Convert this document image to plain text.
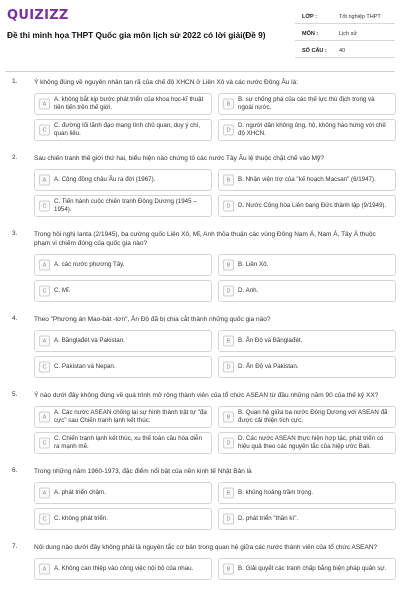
QUIZIZZ
Đề thi minh họa THPT Quốc gia môn lịch sử 2022 có lời giải(Đề 9)
LỚP :	Tốt nghiệp THPT
MÔN :	Lịch sử
SỐ CÂU :	40
1.	Ý không đúng về nguyên nhân tan rã của chế độ XHCN ở Liên Xô và các nước Đông Âu là:
A
A. không bắt kịp bước phát triển của khoa học-kĩ thuật tiên tiến trên thế giới.	B
B. sự chống phá của các thế lực thù địch trong và ngoài nước.
C
C. đường lối lãnh đạo mang tính chủ quan, duy ý chí, quan liêu.	D
D. người dân không ủng, hộ, không hào hứng với chế độ XHCN.
2.	Sau chiến tranh thế giới thứ hai, biểu hiện nào chứng tỏ các nước Tây Âu lệ thuộc chặt chẽ vào Mỹ?
A	A. Cộng đồng châu Âu ra đời (1967).	B	B. Nhận viện trợ của "kế hoạch Macsan" (6/1947).
C
C. Tiến hành cuộc chiến tranh Đông Dương (1945 – 1954).	D	D. Nước Cộng hòa Liên bang Đức thành lập (9/1949).
3.	Trong hội nghị Ianta (2/1945), ba cường quốc Liên Xô, Mĩ, Anh thỏa thuận các vùng Đông Nam Á, Nam Á, Tây Á thuộc phạm vi chiếm đóng của quốc gia nào?
A	A. các nước phương Tây.	B	B. Liên Xô.
C	C. Mĩ.	D	D. Anh.
4.	Theo "Phương án Mao-bát -tơn", Ấn Độ đã bị chia cắt thành những quốc gia nào?
A	A. Bănglađét và Pakistan.	B	B. Ấn Độ và Bănglađét.
C	C. Pakistan và Nepan.	D	D. Ấn Độ và Pakistan.
5.	Ý nào dưới đây không đúng về quá trình mở rộng thành viên của tổ chức ASEAN từ đầu những năm 90 của thế kỷ XX?
A
A. Các nước ASEAN chống lại sự hình thành trật tự "đa cực" sau Chiến tranh lạnh kết thúc.	B
B. Quan hệ giữa ba nước Đông Dương với ASEAN đã được cải thiện tích cực.
C
C. Chiến tranh lạnh kết thúc, xu thế toàn cầu hóa diễn ra mạnh mẽ.	D
D. Các nước ASEAN thực hiện hợp tác, phát triển có hiệu quả theo các nguyên tắc của hiệp ước Bali.
6.	Trong những năm 1960-1973, đặc điểm nổi bật của nền kinh tế Nhật Bản là
A	A. phát triển chậm.	B	B. khủng hoảng trầm trọng.
C	C. không phát triển.	D	D. phát triển "thần kì".
7.	Nội dung nào dưới đây không phải là nguyên tắc cơ bản trong quan hệ giữa các nước thành viên của tổ chức ASEAN?
A	A. Không can thiệp vào công việc nội bộ của nhau.	B	B. Giải quyết các tranh chấp bằng biện pháp quân sự.
